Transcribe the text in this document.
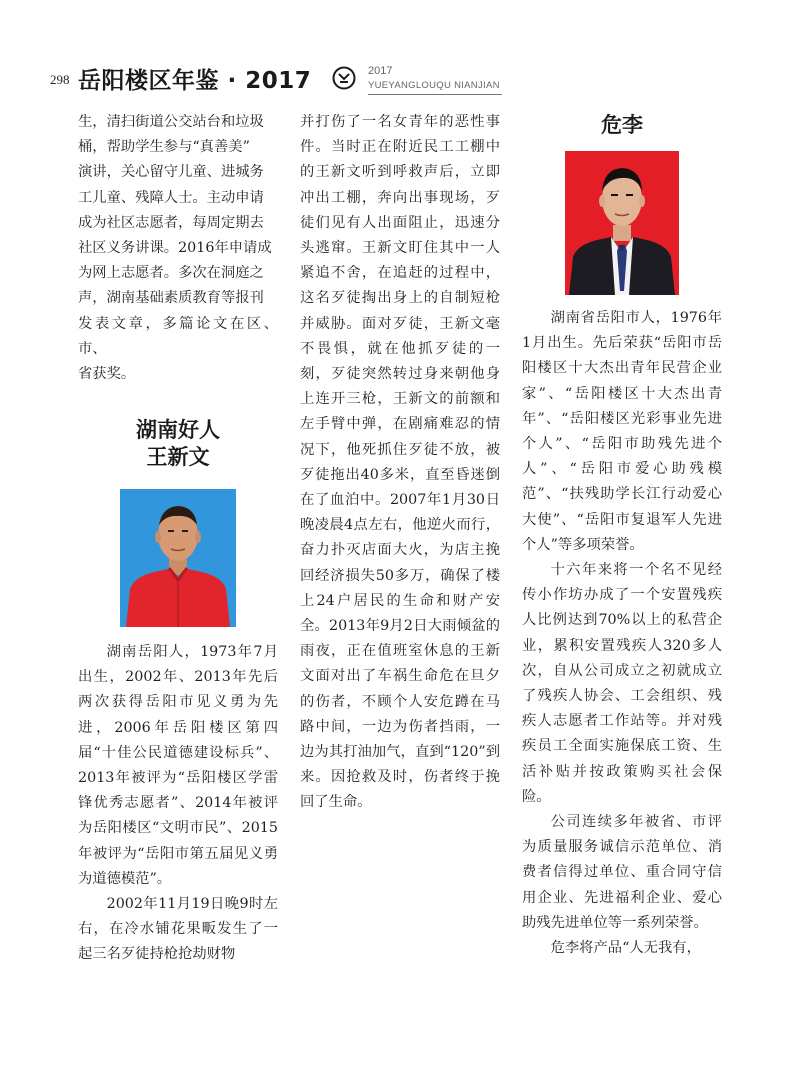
298 岳阳楼区年鉴 · 2017	2017
YUEYANGLOUQU NIANJIAN

生，清扫街道公交站台和垃圾

桶，帮助学生参与“真善美”

演讲，关心留守儿童、进城务

工儿童、残障人士。主动申请

成为社区志愿者，每周定期去

社区义务讲课。2016年申请成

为网上志愿者。多次在洞庭之

声，湖南基础素质教育等报刊

发表文章，多篇论文在区、市、

省获奖。

湖南好人
王新文

湖南岳阳人，1973年7月出生，2002年、2013年先后两次获得岳阳市见义勇为先进，2006年岳阳楼区第四届“十佳公民道德建设标兵”、2013年被评为“岳阳楼区学雷锋优秀志愿者”、2014年被评为岳阳楼区“文明市民”、2015年被评为“岳阳市第五届见义勇为道德模范”。

2002年11月19日晚9时左右，在冷水铺花果畈发生了一起三名歹徒持枪抢劫财物

并打伤了一名女青年的恶性事件。当时正在附近民工工棚中的王新文听到呼救声后，立即冲出工棚，奔向出事现场，歹徒们见有人出面阻止，迅速分头逃窜。王新文盯住其中一人紧追不舍，在追赶的过程中，这名歹徒掏出身上的自制短枪并威胁。面对歹徒，王新文毫不畏惧，就在他抓歹徒的一刻，歹徒突然转过身来朝他身上连开三枪，王新文的前额和左手臂中弹，在剧痛难忍的情况下，他死抓住歹徒不放，被歹徒拖出40多米，直至昏迷倒在了血泊中。2007年1月30日晚凌晨4点左右，他逆火而行，奋力扑灭店面大火，为店主挽回经济损失50多万，确保了楼上24户居民的生命和财产安全。2013年9月2日大雨倾盆的雨夜，正在值班室休息的王新文面对出了车祸生命危在旦夕的伤者，不顾个人安危蹲在马路中间，一边为伤者挡雨，一边为其打油加气，直到“120”到来。因抢救及时，伤者终于挽回了生命。

危李

湖南省岳阳市人，1976年1月出生。先后荣获“岳阳市岳阳楼区十大杰出青年民营企业家”、“岳阳楼区十大杰出青年”、“岳阳楼区光彩事业先进个人”、“岳阳市助残先进个人”、“岳阳市爱心助残模范”、“扶残助学长江行动爱心大使”、“岳阳市复退军人先进个人”等多项荣誉。

十六年来将一个名不见经传小作坊办成了一个安置残疾人比例达到70%以上的私营企业，累积安置残疾人320多人次，自从公司成立之初就成立了残疾人协会、工会组织、残疾人志愿者工作站等。并对残疾员工全面实施保底工资、生活补贴并按政策购买社会保险。

公司连续多年被省、市评为质量服务诚信示范单位、消费者信得过单位、重合同守信用企业、先进福利企业、爱心助残先进单位等一系列荣誉。

危李将产品“人无我有，
